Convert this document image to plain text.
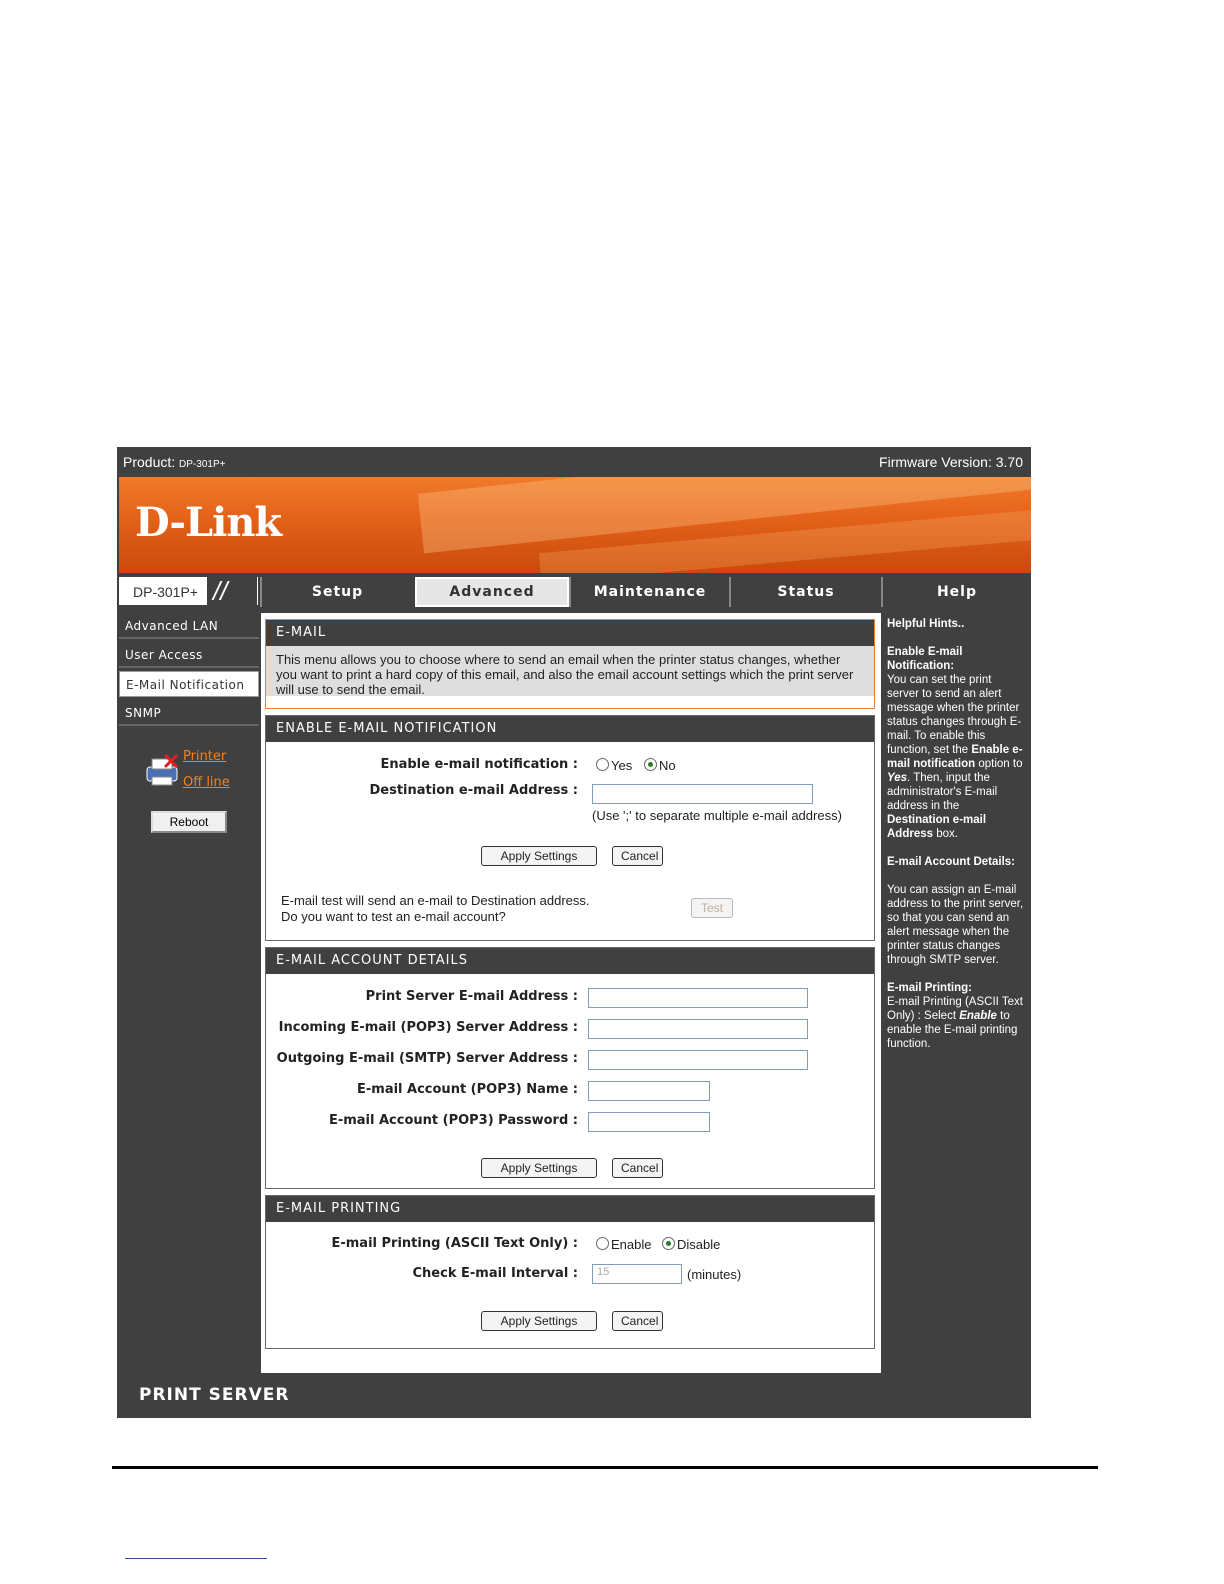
Product: DP-301P+	Firmware Version: 3.70
D-Link
DP-301P+ //	Setup	Advanced	Maintenance	Status	Help
Advanced LAN
User Access
E-Mail Notification
SNMP
Printer
Off line
Reboot
E-MAIL
This menu allows you to choose where to send an email when the printer status changes, whether you want to print a hard copy of this email, and also the email account settings which the print server will use to send the email.
ENABLE E-MAIL NOTIFICATION
Enable e-mail notification :	Yes	No
Destination e-mail Address :
(Use ';' to separate multiple e-mail address)
Apply Settings	Cancel
E-mail test will send an e-mail to Destination address.
Do you want to test an e-mail account?
Test
E-MAIL ACCOUNT DETAILS
Print Server E-mail Address :
Incoming E-mail (POP3) Server Address :
Outgoing E-mail (SMTP) Server Address :
E-mail Account (POP3) Name :
E-mail Account (POP3) Password :
Apply Settings	Cancel
E-MAIL PRINTING
E-mail Printing (ASCII Text Only) :	Enable	Disable
Check E-mail Interval :	15	(minutes)
Apply Settings	Cancel

Helpful Hints..

Enable E-mail Notification:
You can set the print server to send an alert message when the printer status changes through E-mail. To enable this function, set the Enable e-mail notification option to Yes. Then, input the administrator's E-mail address in the Destination e-mail Address box.

E-mail Account Details:

You can assign an E-mail address to the print server, so that you can send an alert message when the printer status changes through SMTP server.

E-mail Printing:
E-mail Printing (ASCII Text Only) : Select Enable to enable the E-mail printing function.

PRINT SERVER
